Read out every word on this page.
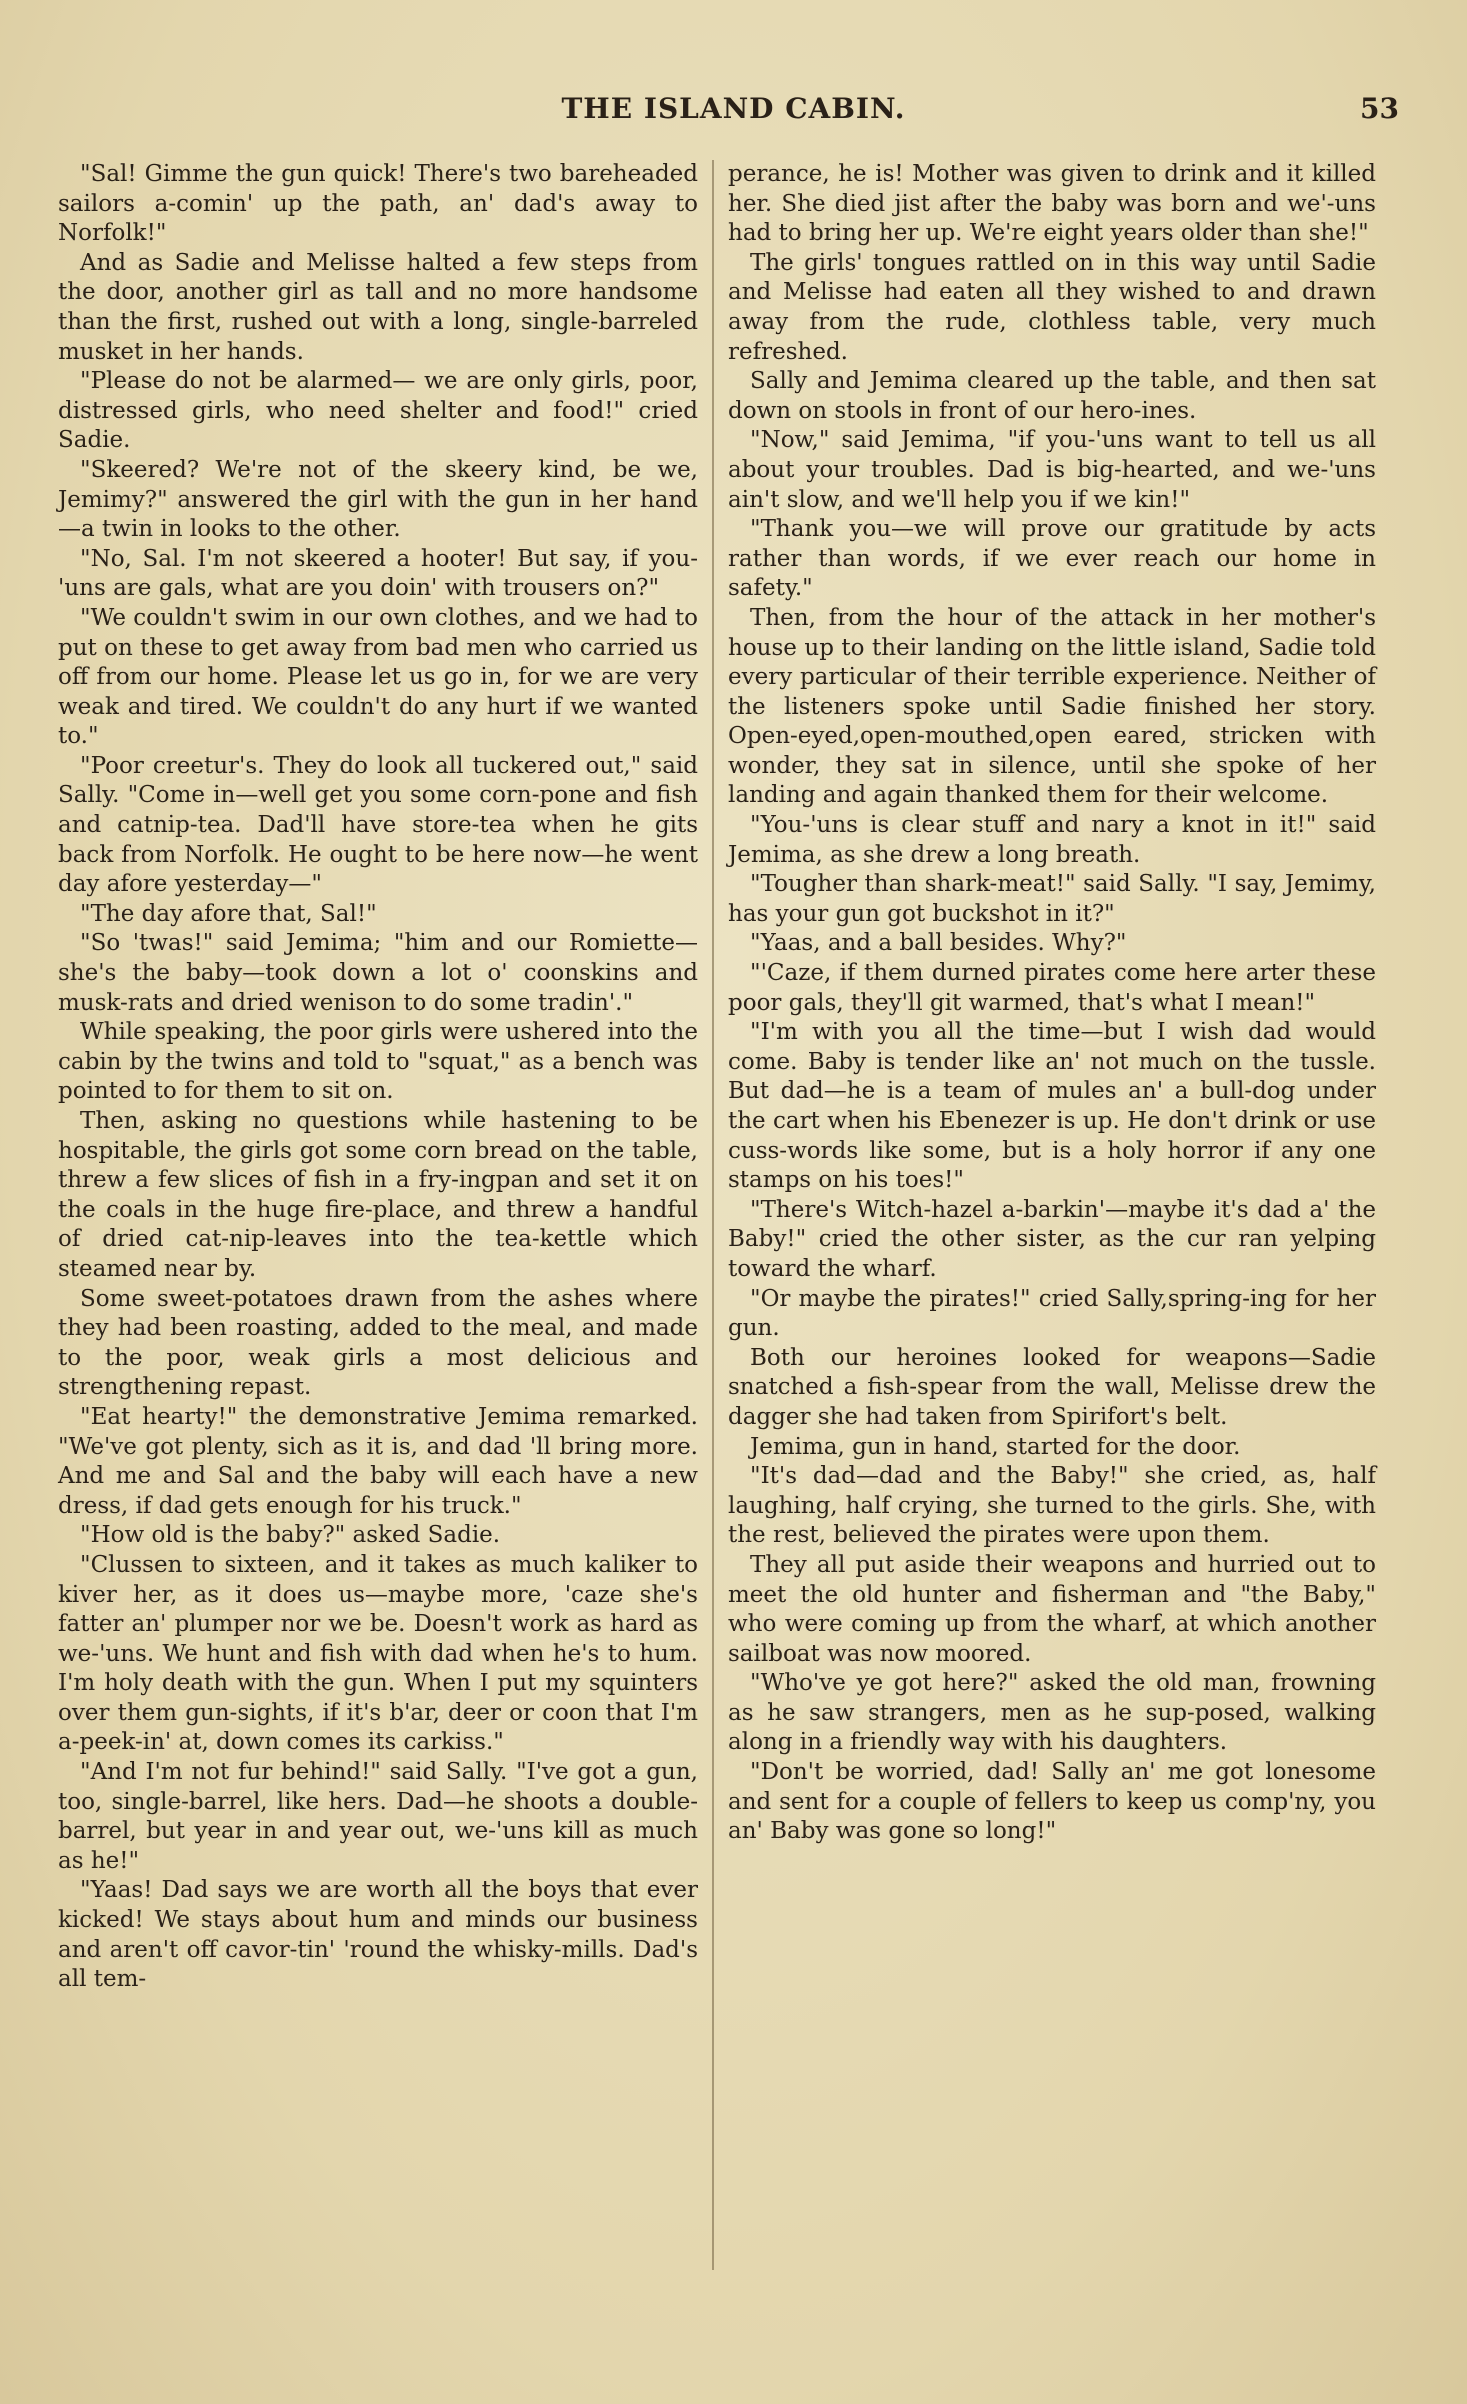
THE ISLAND CABIN.	53

"Sal! Gimme the gun quick! There's two bareheaded sailors a-comin' up the path, an' dad's away to Norfolk!"

And as Sadie and Melisse halted a few steps from the door, another girl as tall and no more handsome than the first, rushed out with a long, single-barreled musket in her hands.

"Please do not be alarmed— we are only girls, poor, distressed girls, who need shelter and food!" cried Sadie.

"Skeered? We're not of the skeery kind, be we, Jemimy?" answered the girl with the gun in her hand—a twin in looks to the other.

"No, Sal. I'm not skeered a hooter! But say, if you-'uns are gals, what are you doin' with trousers on?"

"We couldn't swim in our own clothes, and we had to put on these to get away from bad men who carried us off from our home. Please let us go in, for we are very weak and tired. We couldn't do any hurt if we wanted to."

"Poor creetur's. They do look all tuckered out," said Sally. "Come in—well get you some corn-pone and fish and catnip-tea. Dad'll have store-tea when he gits back from Norfolk. He ought to be here now—he went day afore yesterday—"

"The day afore that, Sal!"

"So 'twas!" said Jemima; "him and our Romiette—she's the baby—took down a lot o' coonskins and musk-rats and dried wenison to do some tradin'."

While speaking, the poor girls were ushered into the cabin by the twins and told to "squat," as a bench was pointed to for them to sit on.

Then, asking no questions while hastening to be hospitable, the girls got some corn bread on the table, threw a few slices of fish in a fry-ingpan and set it on the coals in the huge fire-place, and threw a handful of dried cat-nip-leaves into the tea-kettle which steamed near by.

Some sweet-potatoes drawn from the ashes where they had been roasting, added to the meal, and made to the poor, weak girls a most delicious and strengthening repast.

"Eat hearty!" the demonstrative Jemima remarked. "We've got plenty, sich as it is, and dad 'll bring more. And me and Sal and the baby will each have a new dress, if dad gets enough for his truck."

"How old is the baby?" asked Sadie.

"Clussen to sixteen, and it takes as much kaliker to kiver her, as it does us—maybe more, 'caze she's fatter an' plumper nor we be. Doesn't work as hard as we-'uns. We hunt and fish with dad when he's to hum. I'm holy death with the gun. When I put my squinters over them gun-sights, if it's b'ar, deer or coon that I'm a-peek-in' at, down comes its carkiss."

"And I'm not fur behind!" said Sally. "I've got a gun, too, single-barrel, like hers. Dad—he shoots a double-barrel, but year in and year out, we-'uns kill as much as he!"

"Yaas! Dad says we are worth all the boys that ever kicked! We stays about hum and minds our business and aren't off cavor-tin' 'round the whisky-mills. Dad's all tem-

perance, he is! Mother was given to drink and it killed her. She died jist after the baby was born and we'-uns had to bring her up. We're eight years older than she!"

The girls' tongues rattled on in this way until Sadie and Melisse had eaten all they wished to and drawn away from the rude, clothless table, very much refreshed.

Sally and Jemima cleared up the table, and then sat down on stools in front of our hero-ines.

"Now," said Jemima, "if you-'uns want to tell us all about your troubles. Dad is big-hearted, and we-'uns ain't slow, and we'll help you if we kin!"

"Thank you—we will prove our gratitude by acts rather than words, if we ever reach our home in safety."

Then, from the hour of the attack in her mother's house up to their landing on the little island, Sadie told every particular of their terrible experience. Neither of the listeners spoke until Sadie finished her story. Open-eyed,open-mouthed,open eared, stricken with wonder, they sat in silence, until she spoke of her landing and again thanked them for their welcome.

"You-'uns is clear stuff and nary a knot in it!" said Jemima, as she drew a long breath.

"Tougher than shark-meat!" said Sally. "I say, Jemimy, has your gun got buckshot in it?"

"Yaas, and a ball besides. Why?"

"'Caze, if them durned pirates come here arter these poor gals, they'll git warmed, that's what I mean!"

"I'm with you all the time—but I wish dad would come. Baby is tender like an' not much on the tussle. But dad—he is a team of mules an' a bull-dog under the cart when his Ebenezer is up. He don't drink or use cuss-words like some, but is a holy horror if any one stamps on his toes!"

"There's Witch-hazel a-barkin'—maybe it's dad a' the Baby!" cried the other sister, as the cur ran yelping toward the wharf.

"Or maybe the pirates!" cried Sally,spring-ing for her gun.

Both our heroines looked for weapons—Sadie snatched a fish-spear from the wall, Melisse drew the dagger she had taken from Spirifort's belt.

Jemima, gun in hand, started for the door.

"It's dad—dad and the Baby!" she cried, as, half laughing, half crying, she turned to the girls. She, with the rest, believed the pirates were upon them.

They all put aside their weapons and hurried out to meet the old hunter and fisherman and "the Baby," who were coming up from the wharf, at which another sailboat was now moored.

"Who've ye got here?" asked the old man, frowning as he saw strangers, men as he sup-posed, walking along in a friendly way with his daughters.

"Don't be worried, dad! Sally an' me got lonesome and sent for a couple of fellers to keep us comp'ny, you an' Baby was gone so long!"
